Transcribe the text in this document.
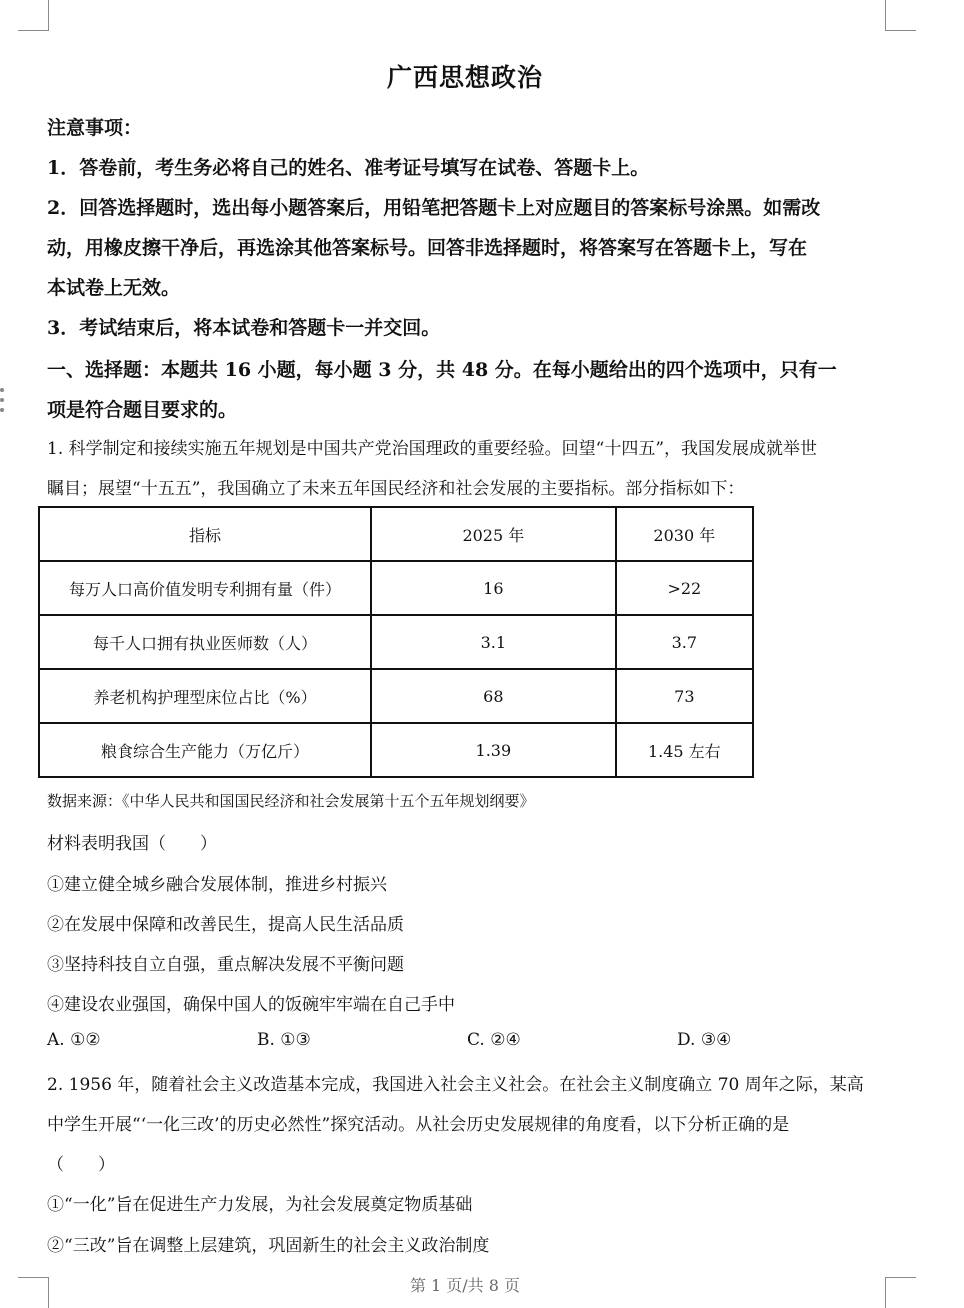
广西思想政治
注意事项：
1．答卷前，考生务必将自己的姓名、准考证号填写在试卷、答题卡上。
2．回答选择题时，选出每小题答案后，用铅笔把答题卡上对应题目的答案标号涂黑。如需改
动，用橡皮擦干净后，再选涂其他答案标号。回答非选择题时，将答案写在答题卡上，写在
本试卷上无效。
3．考试结束后，将本试卷和答题卡一并交回。
一、选择题：本题共 16 小题，每小题 3 分，共 48 分。在每小题给出的四个选项中，只有一
项是符合题目要求的。
1. 科学制定和接续实施五年规划是中国共产党治国理政的重要经验。回望“十四五”，我国发展成就举世
瞩目；展望“十五五”，我国确立了未来五年国民经济和社会发展的主要指标。部分指标如下：
指标	2025 年	2030 年
每万人口高价值发明专利拥有量（件）	16	>22
每千人口拥有执业医师数（人）	3.1	3.7
养老机构护理型床位占比（%）	68	73
粮食综合生产能力（万亿斤）	1.39	1.45 左右
数据来源：《中华人民共和国国民经济和社会发展第十五个五年规划纲要》
材料表明我国（　　）
①建立健全城乡融合发展体制，推进乡村振兴
②在发展中保障和改善民生，提高人民生活品质
③坚持科技自立自强，重点解决发展不平衡问题
④建设农业强国，确保中国人的饭碗牢牢端在自己手中
A. ①②	B. ①③	C. ②④	D. ③④
2. 1956 年，随着社会主义改造基本完成，我国进入社会主义社会。在社会主义制度确立 70 周年之际，某高
中学生开展“‘一化三改’的历史必然性”探究活动。从社会历史发展规律的角度看，以下分析正确的是
（　　）
①“一化”旨在促进生产力发展，为社会发展奠定物质基础
②“三改”旨在调整上层建筑，巩固新生的社会主义政治制度
第 1 页/共 8 页
